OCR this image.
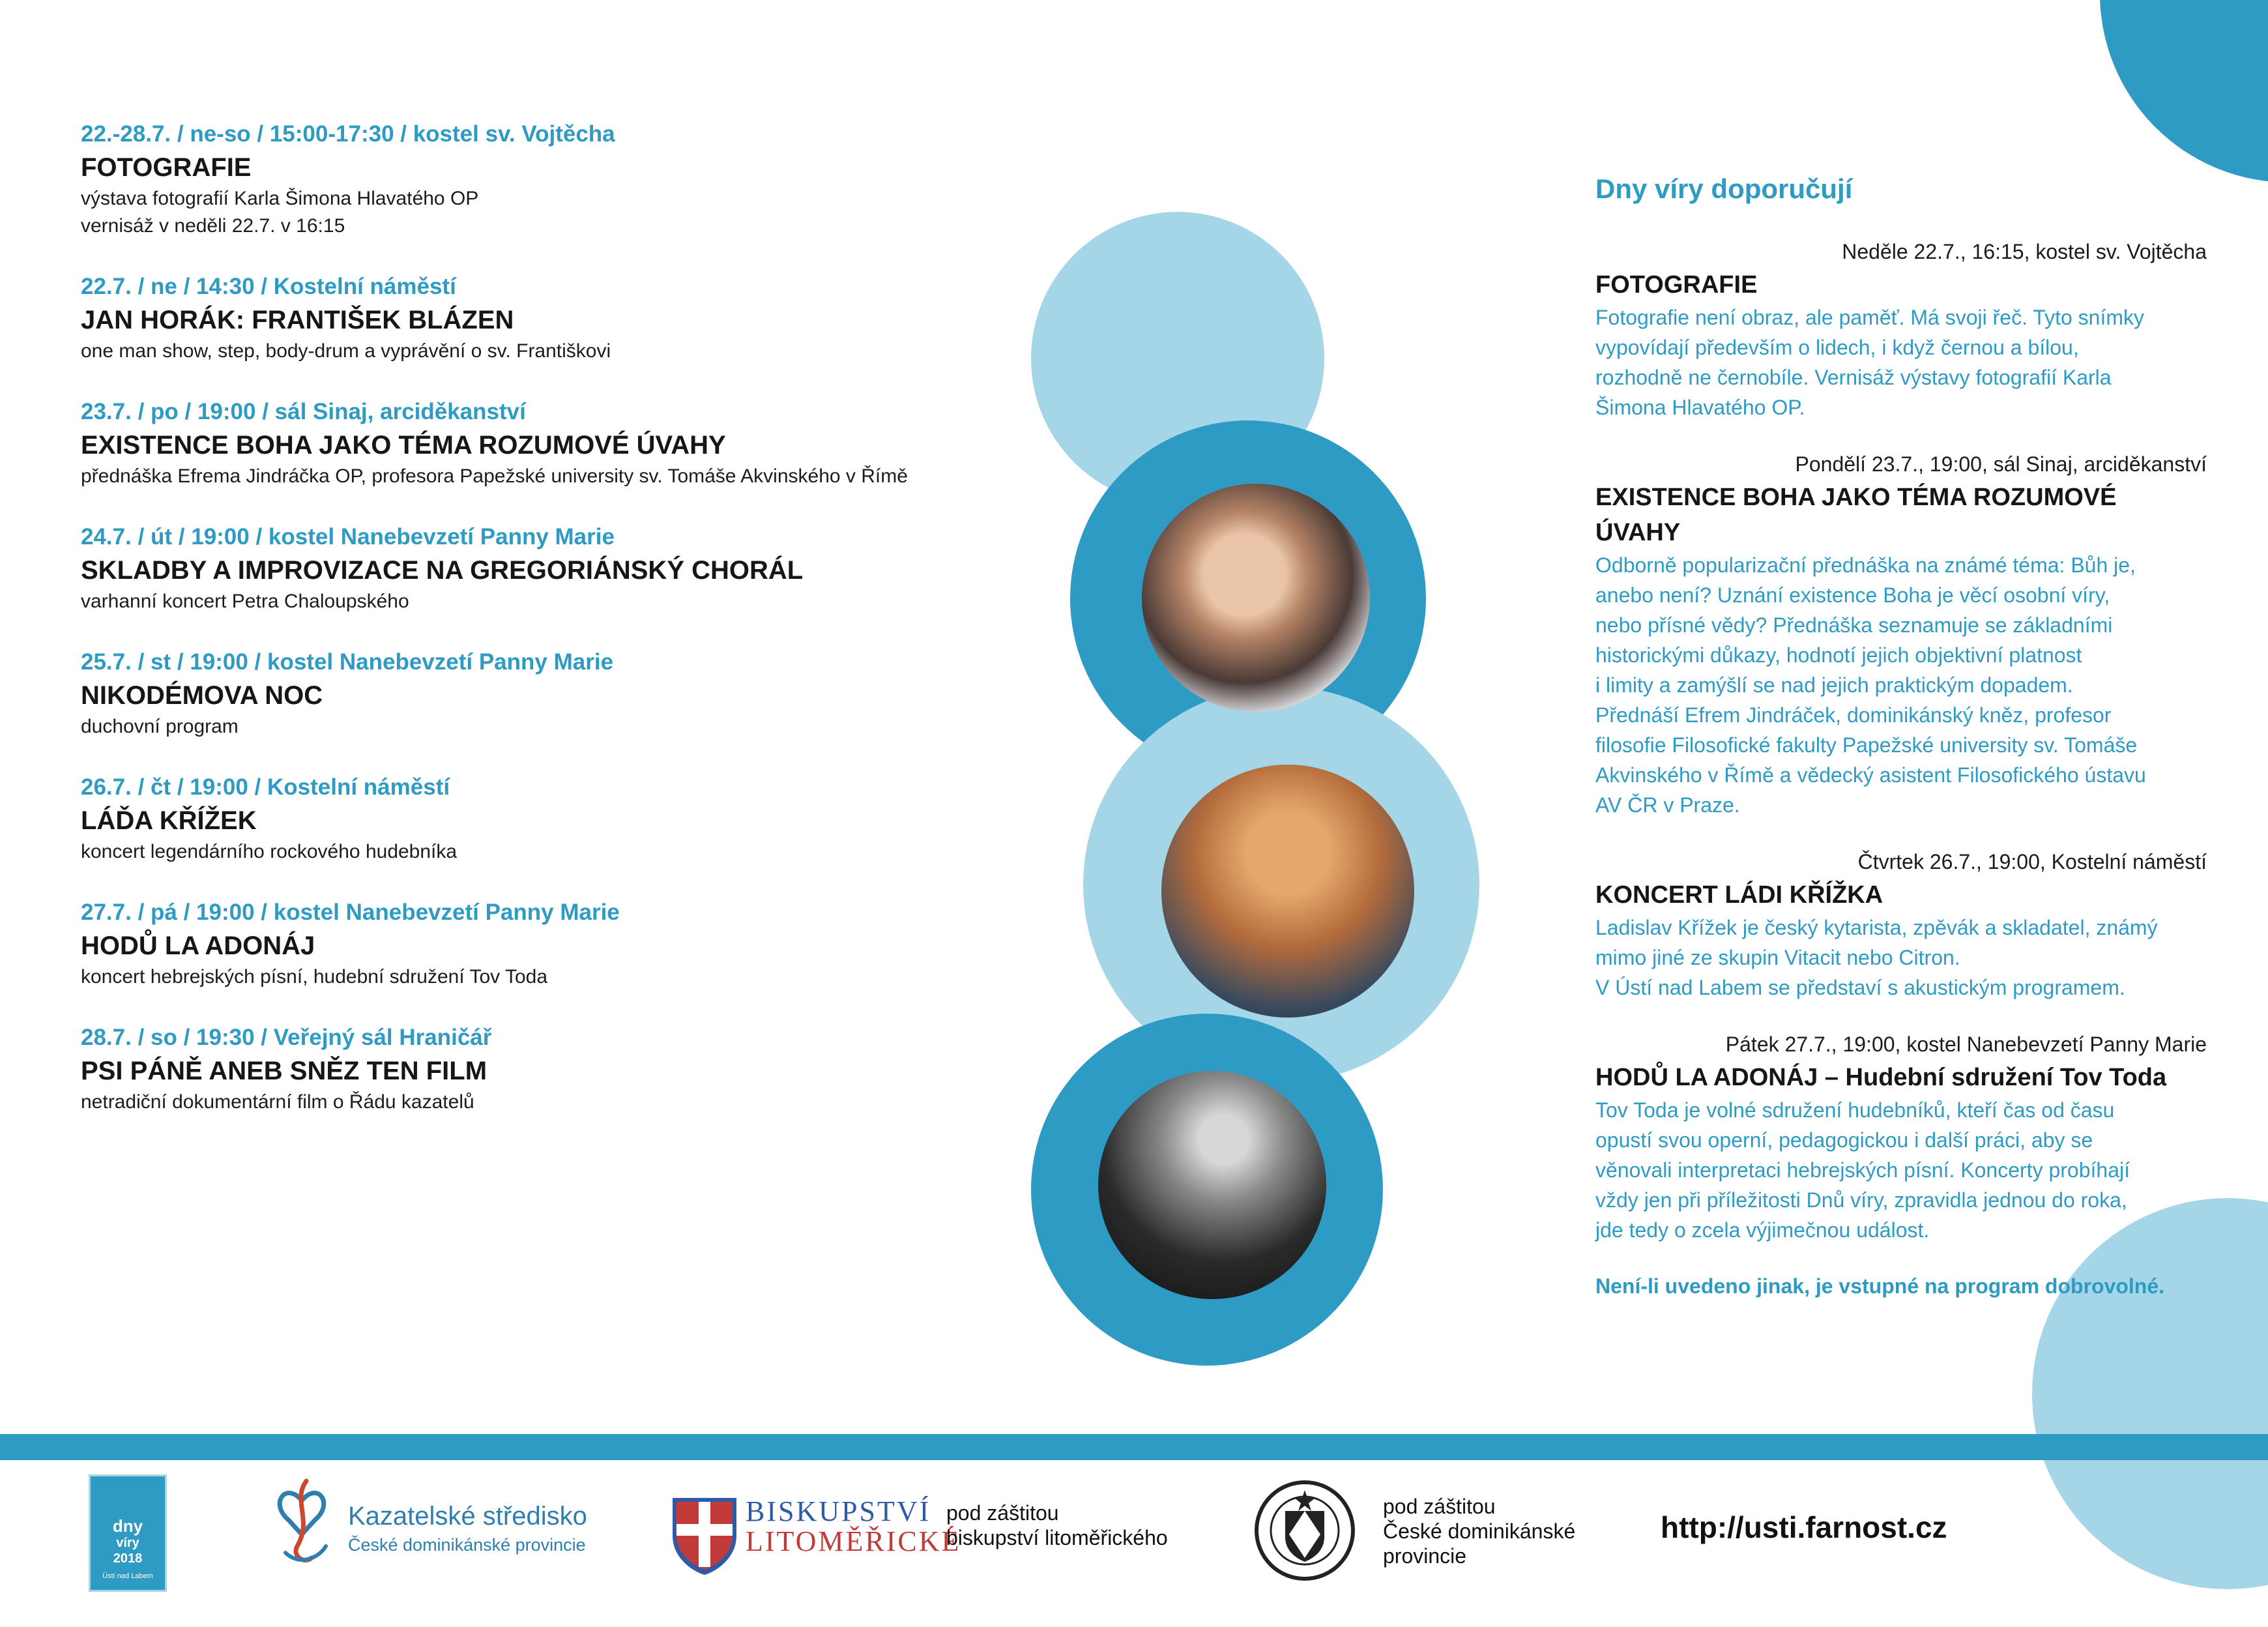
22.-28.7. / ne-so / 15:00-17:30 / kostel sv. Vojtěcha
FOTOGRAFIE
výstava fotografií Karla Šimona Hlavatého OP
vernisáž v neděli 22.7. v 16:15
22.7. / ne / 14:30 / Kostelní náměstí
JAN HORÁK: FRANTIŠEK BLÁZEN
one man show, step, body-drum a vyprávění o sv. Františkovi
23.7. / po / 19:00 / sál Sinaj, arciděkanství
EXISTENCE BOHA JAKO TÉMA ROZUMOVÉ ÚVAHY
přednáška Efrema Jindráčka OP, profesora Papežské university sv. Tomáše Akvinského v Římě
24.7. / út / 19:00 / kostel Nanebevzetí Panny Marie
SKLADBY A IMPROVIZACE NA GREGORIÁNSKÝ CHORÁL
varhanní koncert Petra Chaloupského
25.7. / st / 19:00 / kostel Nanebevzetí Panny Marie
NIKODÉMOVA NOC
duchovní program
26.7. / čt / 19:00 / Kostelní náměstí
LÁĎA KŘÍŽEK
koncert legendárního rockového hudebníka
27.7. / pá / 19:00 / kostel Nanebevzetí Panny Marie
HODŮ LA ADONÁJ
koncert hebrejských písní, hudební sdružení Tov Toda
28.7. / so / 19:30 / Veřejný sál Hraničář
PSI PÁNĚ ANEB SNĚZ TEN FILM
netradiční dokumentární film o Řádu kazatelů
Dny víry doporučují
Neděle 22.7., 16:15, kostel sv. Vojtěcha
FOTOGRAFIE
Fotografie není obraz, ale paměť. Má svoji řeč. Tyto snímky
vypovídají především o lidech, i když černou a bílou,
rozhodně ne černobíle. Vernisáž výstavy fotografií Karla
Šimona Hlavatého OP.
Pondělí 23.7., 19:00, sál Sinaj, arciděkanství
EXISTENCE BOHA JAKO TÉMA ROZUMOVÉ
ÚVAHY
Odborně popularizační přednáška na známé téma: Bůh je,
anebo není? Uznání existence Boha je věcí osobní víry,
nebo přísné vědy? Přednáška seznamuje se základními
historickými důkazy, hodnotí jejich objektivní platnost
i limity a zamýšlí se nad jejich praktickým dopadem.
Přednáší Efrem Jindráček, dominikánský kněz, profesor
filosofie Filosofické fakulty Papežské university sv. Tomáše
Akvinského v Římě a vědecký asistent Filosofického ústavu
AV ČR v Praze.
Čtvrtek 26.7., 19:00, Kostelní náměstí
KONCERT LÁDI KŘÍŽKA
Ladislav Křížek je český kytarista, zpěvák a skladatel, známý
mimo jiné ze skupin Vitacit nebo Citron.
V Ústí nad Labem se představí s akustickým programem.
Pátek 27.7., 19:00, kostel Nanebevzetí Panny Marie
HODŮ LA ADONÁJ – Hudební sdružení Tov Toda
Tov Toda je volné sdružení hudebníků, kteří čas od času
opustí svou operní, pedagogickou i další práci, aby se
věnovali interpretaci hebrejských písní. Koncerty probíhají
vždy jen při příležitosti Dnů víry, zpravidla jednou do roka,
jde tedy o zcela výjimečnou událost.
Není-li uvedeno jinak, je vstupné na program dobrovolné.
dny
víry
2018
Ústí nad Labem
Kazatelské středisko
České dominikánské provincie
BISKUPSTVÍ
LITOMĚŘICKÉ
pod záštitou
biskupství litoměřického
pod záštitou
České dominikánské
provincie
http://usti.farnost.cz
